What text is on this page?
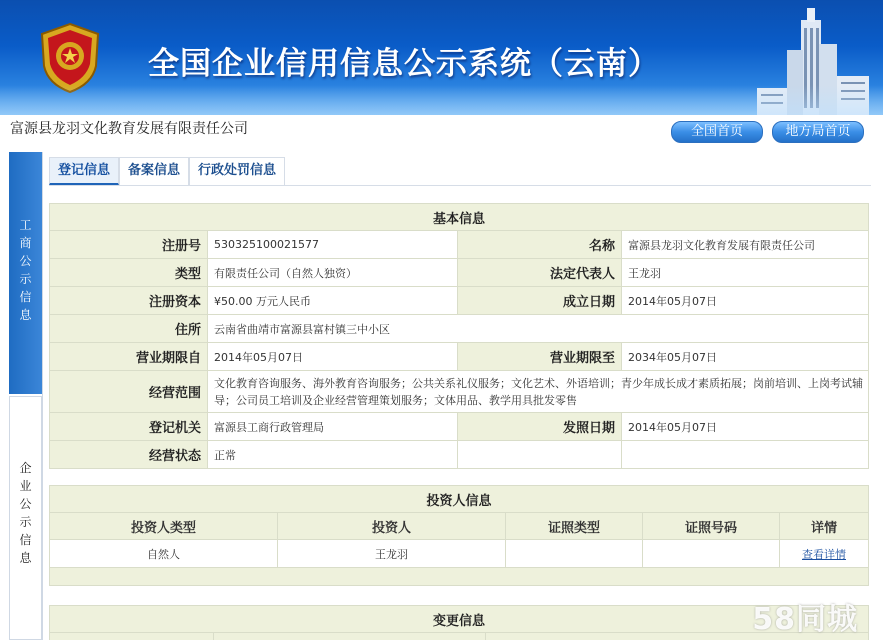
全国企业信用信息公示系统（云南）
富源县龙羽文化教育发展有限责任公司	全国首页	地方局首页
工
商
公
示
信
息
企
业
公
示
信
息
登记信息	备案信息	行政处罚信息
基本信息			
注册号	530325100021577	名称	富源县龙羽文化教育发展有限责任公司
类型	有限责任公司（自然人独资）	法定代表人	王龙羽
注册资本	¥50.00 万元人民币	成立日期	2014年05月07日
住所	云南省曲靖市富源县富村镇三中小区		
营业期限自	2014年05月07日	营业期限至	2034年05月07日
经营范围	文化教育咨询服务、海外教育咨询服务；公共关系礼仪服务；文化艺术、外语培训；青少年成长成才素质拓展；岗前培训、上岗考试辅导；公司员工培训及企业经营管理策划服务；文体用品、教学用具批发零售		
登记机关	富源县工商行政管理局	发照日期	2014年05月07日
经营状态	正常		
投资人信息				
投资人类型	投资人	证照类型	证照号码	详情
自然人	王龙羽			查看详情

变更信息
			58同城
